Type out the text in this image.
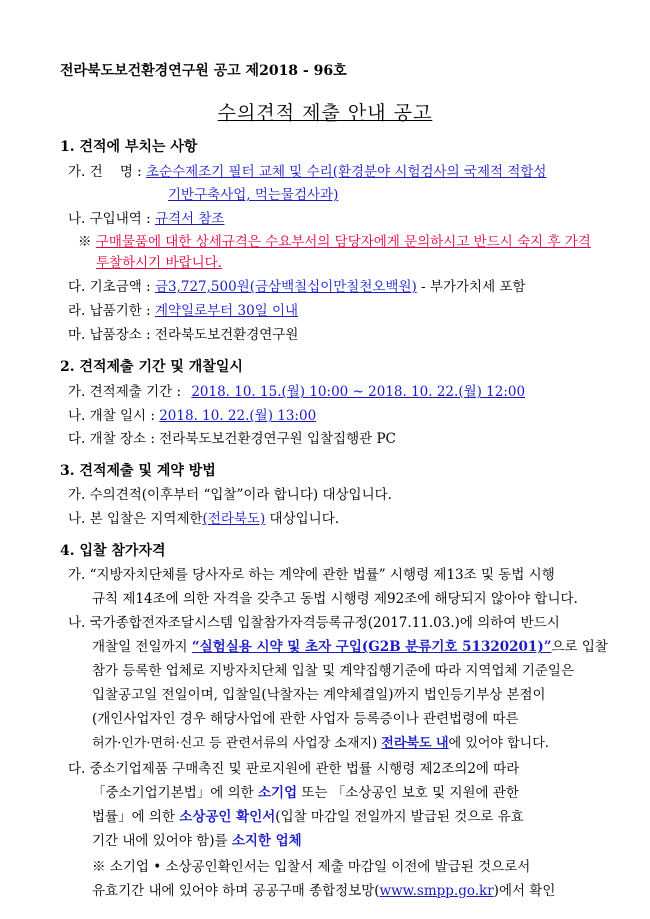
전라북도보건환경연구원 공고 제2018 - 96호
수의견적 제출 안내 공고
1. 견적에 부치는 사항
가. 건    명 : 초순수제조기 필터 교체 및 수리(환경분야 시험검사의 국제적 적합성
기반구축사업, 먹는물검사과)
나. 구입내역 : 규격서 참조
※ 구매물품에 대한 상세규격은 수요부서의 담당자에게 문의하시고 반드시 숙지 후 가격
투찰하시기 바랍니다.
다. 기초금액 : 금3,727,500원(금삼백칠십이만칠천오백원) - 부가가치세 포함
라. 납품기한 : 계약일로부터 30일 이내
마. 납품장소 : 전라북도보건환경연구원
2. 견적제출 기간 및 개찰일시
가. 견적제출 기간 : 2018. 10. 15.(월) 10:00 ~ 2018. 10. 22.(월) 12:00
나. 개찰 일시 : 2018. 10. 22.(월) 13:00
다. 개찰 장소 : 전라북도보건환경연구원 입찰집행관 PC
3. 견적제출 및 계약 방법
가. 수의견적(이후부터 “입찰”이라 합니다) 대상입니다.
나. 본 입찰은 지역제한(전라북도) 대상입니다.
4. 입찰 참가자격
가. “지방자치단체를 당사자로 하는 계약에 관한 법률” 시행령 제13조 및 동법 시행
규칙 제14조에 의한 자격을 갖추고 동법 시행령 제92조에 해당되지 않아야 합니다.
나. 국가종합전자조달시스템 입찰참가자격등록규정(2017.11.03.)에 의하여 반드시
개찰일 전일까지 “실험실용 시약 및 초자 구입(G2B 분류기호 51320201)”으로 입찰
참가 등록한 업체로 지방자치단체 입찰 및 계약집행기준에 따라 지역업체 기준일은
입찰공고일 전일이며, 입찰일(낙찰자는 계약체결일)까지 법인등기부상 본점이
(개인사업자인 경우 해당사업에 관한 사업자 등록증이나 관련법령에 따른
허가·인가·면허·신고 등 관련서류의 사업장 소재지) 전라북도 내에 있어야 합니다.
다. 중소기업제품 구매촉진 및 판로지원에 관한 법률 시행령 제2조의2에 따라
「중소기업기본법」에 의한 소기업 또는 「소상공인 보호 및 지원에 관한
법률」에 의한 소상공인 확인서(입찰 마감일 전일까지 발급된 것으로 유효
기간 내에 있어야 함)를 소지한 업체
※ 소기업 • 소상공인확인서는 입찰서 제출 마감일 이전에 발급된 것으로서
유효기간 내에 있어야 하며 공공구매 종합정보망(www.smpp.go.kr)에서 확인
